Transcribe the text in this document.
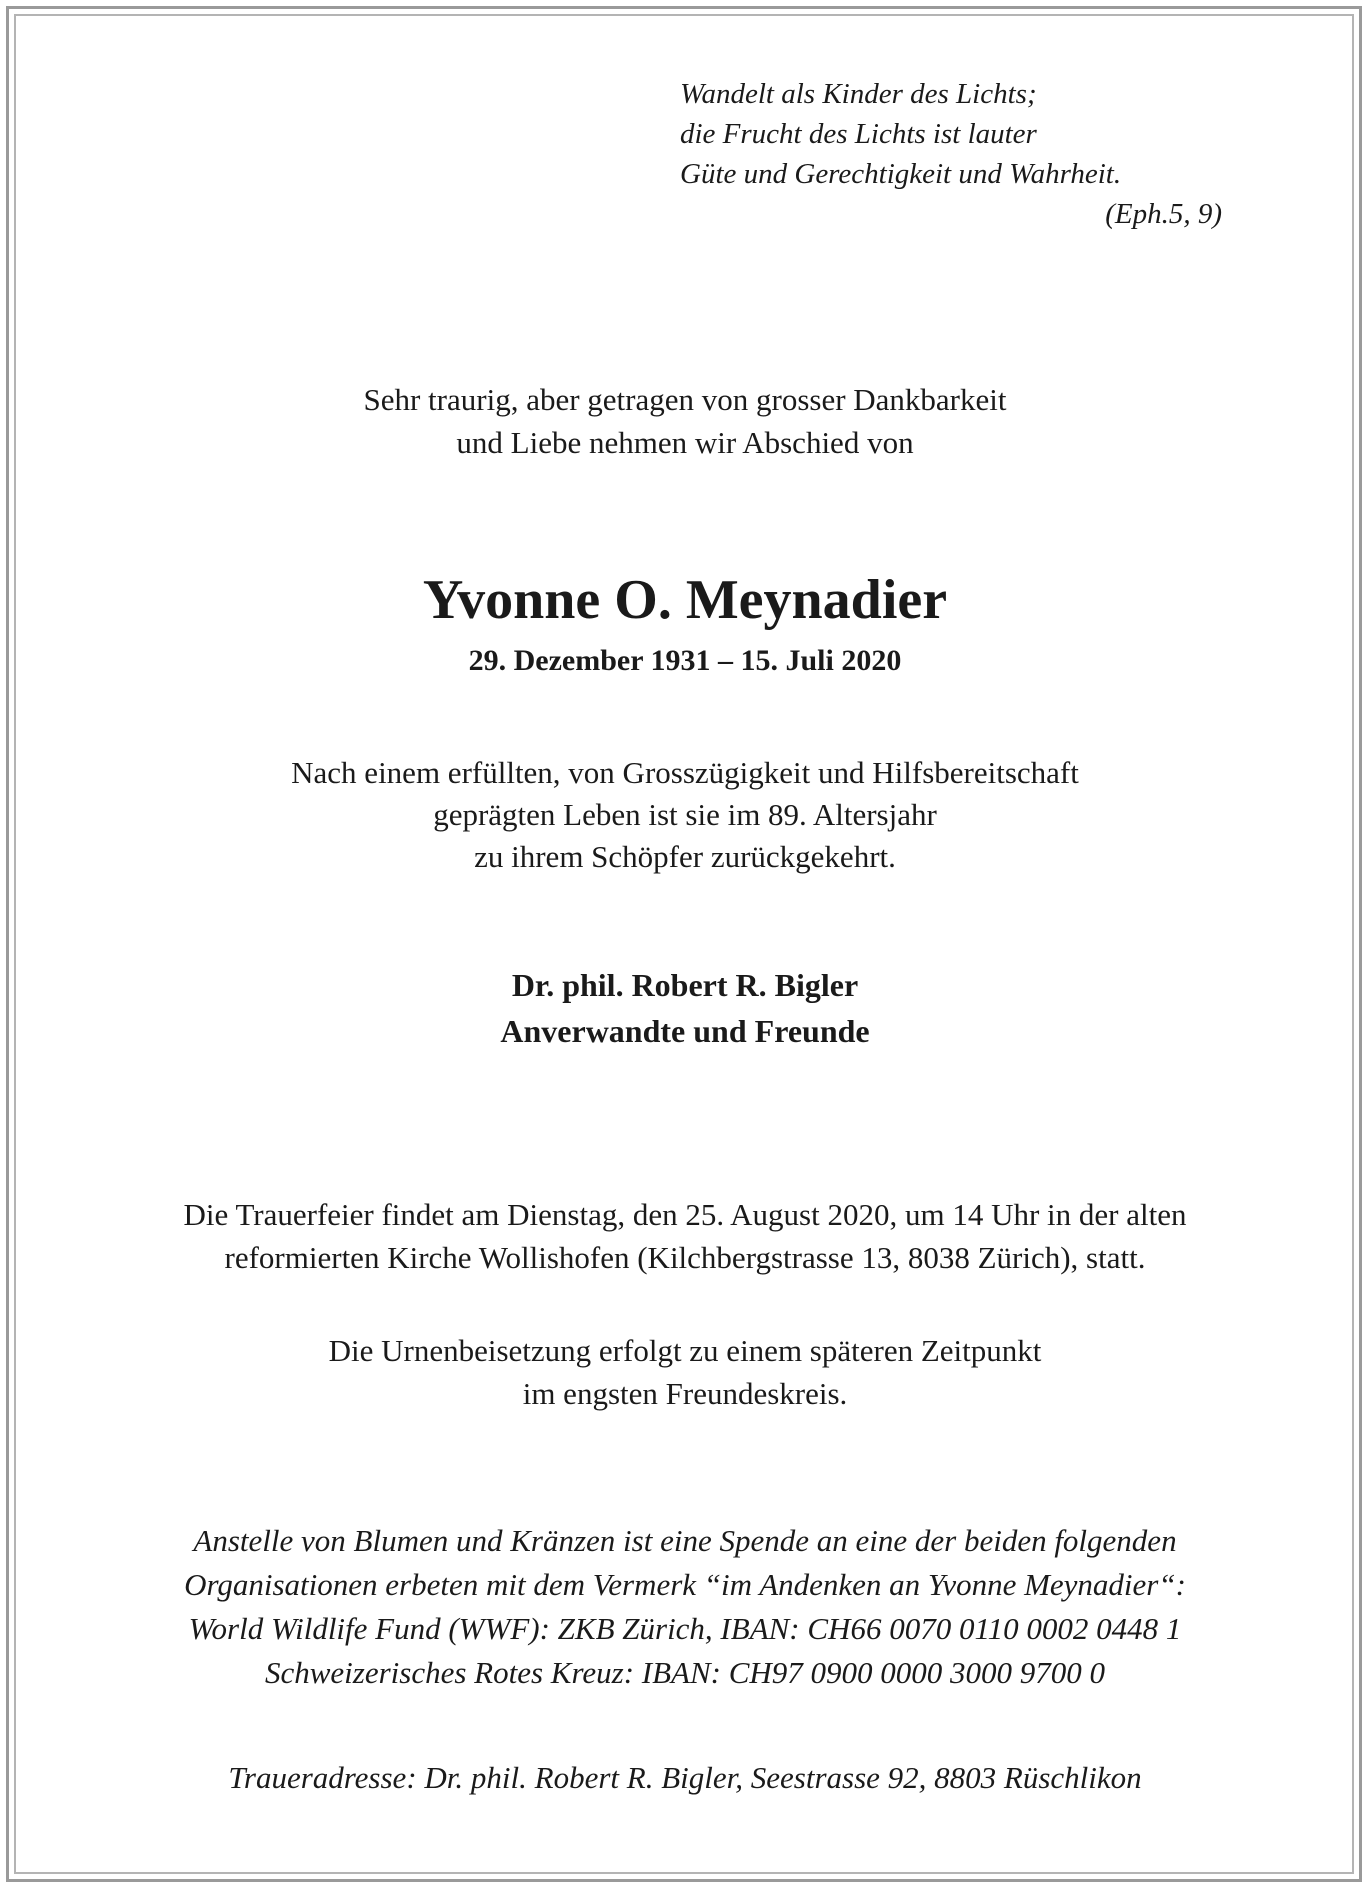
Wandelt als Kinder des Lichts;
die Frucht des Lichts ist lauter
Güte und Gerechtigkeit und Wahrheit.
(Eph.5, 9)
Sehr traurig, aber getragen von grosser Dankbarkeit
und Liebe nehmen wir Abschied von
Yvonne O. Meynadier
29. Dezember 1931 – 15. Juli 2020
Nach einem erfüllten, von Grosszügigkeit und Hilfsbereitschaft
geprägten Leben ist sie im 89. Altersjahr
zu ihrem Schöpfer zurückgekehrt.
Dr. phil. Robert R. Bigler
Anverwandte und Freunde
Die Trauerfeier findet am Dienstag, den 25. August 2020, um 14 Uhr in der alten
reformierten Kirche Wollishofen (Kilchbergstrasse 13, 8038 Zürich), statt.
Die Urnenbeisetzung erfolgt zu einem späteren Zeitpunkt
im engsten Freundeskreis.
Anstelle von Blumen und Kränzen ist eine Spende an eine der beiden folgenden
Organisationen erbeten mit dem Vermerk “im Andenken an Yvonne Meynadier“:
World Wildlife Fund (WWF): ZKB Zürich, IBAN: CH66 0070 0110 0002 0448 1
Schweizerisches Rotes Kreuz: IBAN: CH97 0900 0000 3000 9700 0
Traueradresse: Dr. phil. Robert R. Bigler, Seestrasse 92, 8803 Rüschlikon
